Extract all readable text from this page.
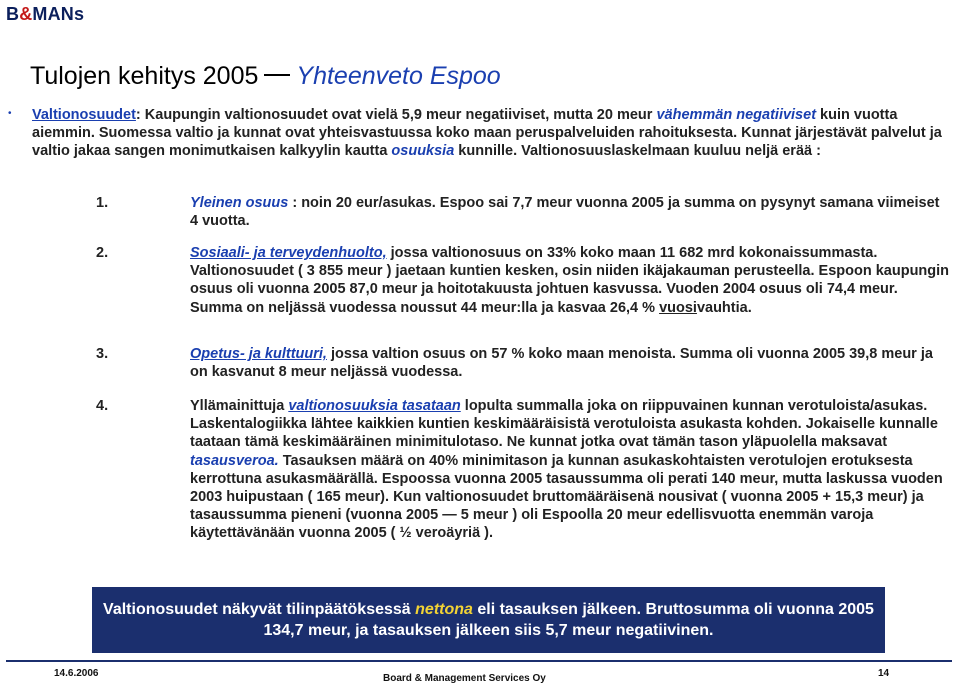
B&MANs
Tulojen kehitys 2005 Yhteenveto Espoo
• Valtionosuudet: Kaupungin valtionosuudet ovat vielä 5,9 meur negatiiviset, mutta 20 meur vähemmän negatiiviset kuin vuotta aiemmin. Suomessa valtio ja kunnat ovat yhteisvastuussa koko maan peruspalveluiden rahoituksesta. Kunnat järjestävät palvelut ja valtio jakaa sangen monimutkaisen kalkyylin kautta osuuksia kunnille. Valtionosuuslaskelmaan kuuluu neljä erää :
1.	Yleinen osuus : noin 20 eur/asukas. Espoo sai 7,7 meur vuonna 2005 ja summa on pysynyt samana viimeiset 4 vuotta.
2.	Sosiaali- ja terveydenhuolto, jossa valtionosuus on 33% koko maan 11 682 mrd kokonaissummasta. Valtionosuudet ( 3 855 meur ) jaetaan kuntien kesken, osin niiden ikäjakauman perusteella. Espoon kaupungin osuus oli vuonna 2005 87,0 meur ja hoitotakuusta johtuen kasvussa. Vuoden 2004 osuus oli 74,4 meur. Summa on neljässä vuodessa noussut 44 meur:lla ja kasvaa 26,4 % vuosivauhtia.
3.	Opetus- ja kulttuuri, jossa valtion osuus on 57 % koko maan menoista. Summa oli vuonna 2005 39,8 meur ja on kasvanut 8 meur neljässä vuodessa.
4.	Yllämainittuja valtionosuuksia tasataan lopulta summalla joka on riippuvainen kunnan verotuloista/asukas. Laskentalogiikka lähtee kaikkien kuntien keskimääräisistä verotuloista asukasta kohden. Jokaiselle kunnalle taataan tämä keskimääräinen minimitulotaso. Ne kunnat jotka ovat tämän tason yläpuolella maksavat tasausveroa. Tasauksen määrä on 40% minimitason ja kunnan asukaskohtaisten verotulojen erotuksesta kerrottuna asukasmäärällä. Espoossa vuonna 2005 tasaussumma oli perati 140 meur, mutta laskussa vuoden 2003 huipustaan ( 165 meur). Kun valtionosuudet bruttomääräisenä nousivat ( vuonna 2005 + 15,3 meur) ja tasaussumma pieneni (vuonna 2005 — 5 meur ) oli Espoolla 20 meur edellisvuotta enemmän varoja käytettävänään vuonna 2005 ( ½ veroäyriä ).
Valtionosuudet näkyvät tilinpäätöksessä nettona eli tasauksen jälkeen. Bruttosumma oli vuonna 2005 134,7 meur, ja tasauksen jälkeen siis 5,7 meur negatiivinen.
14.6.2006	Board & Management Services Oy	14
